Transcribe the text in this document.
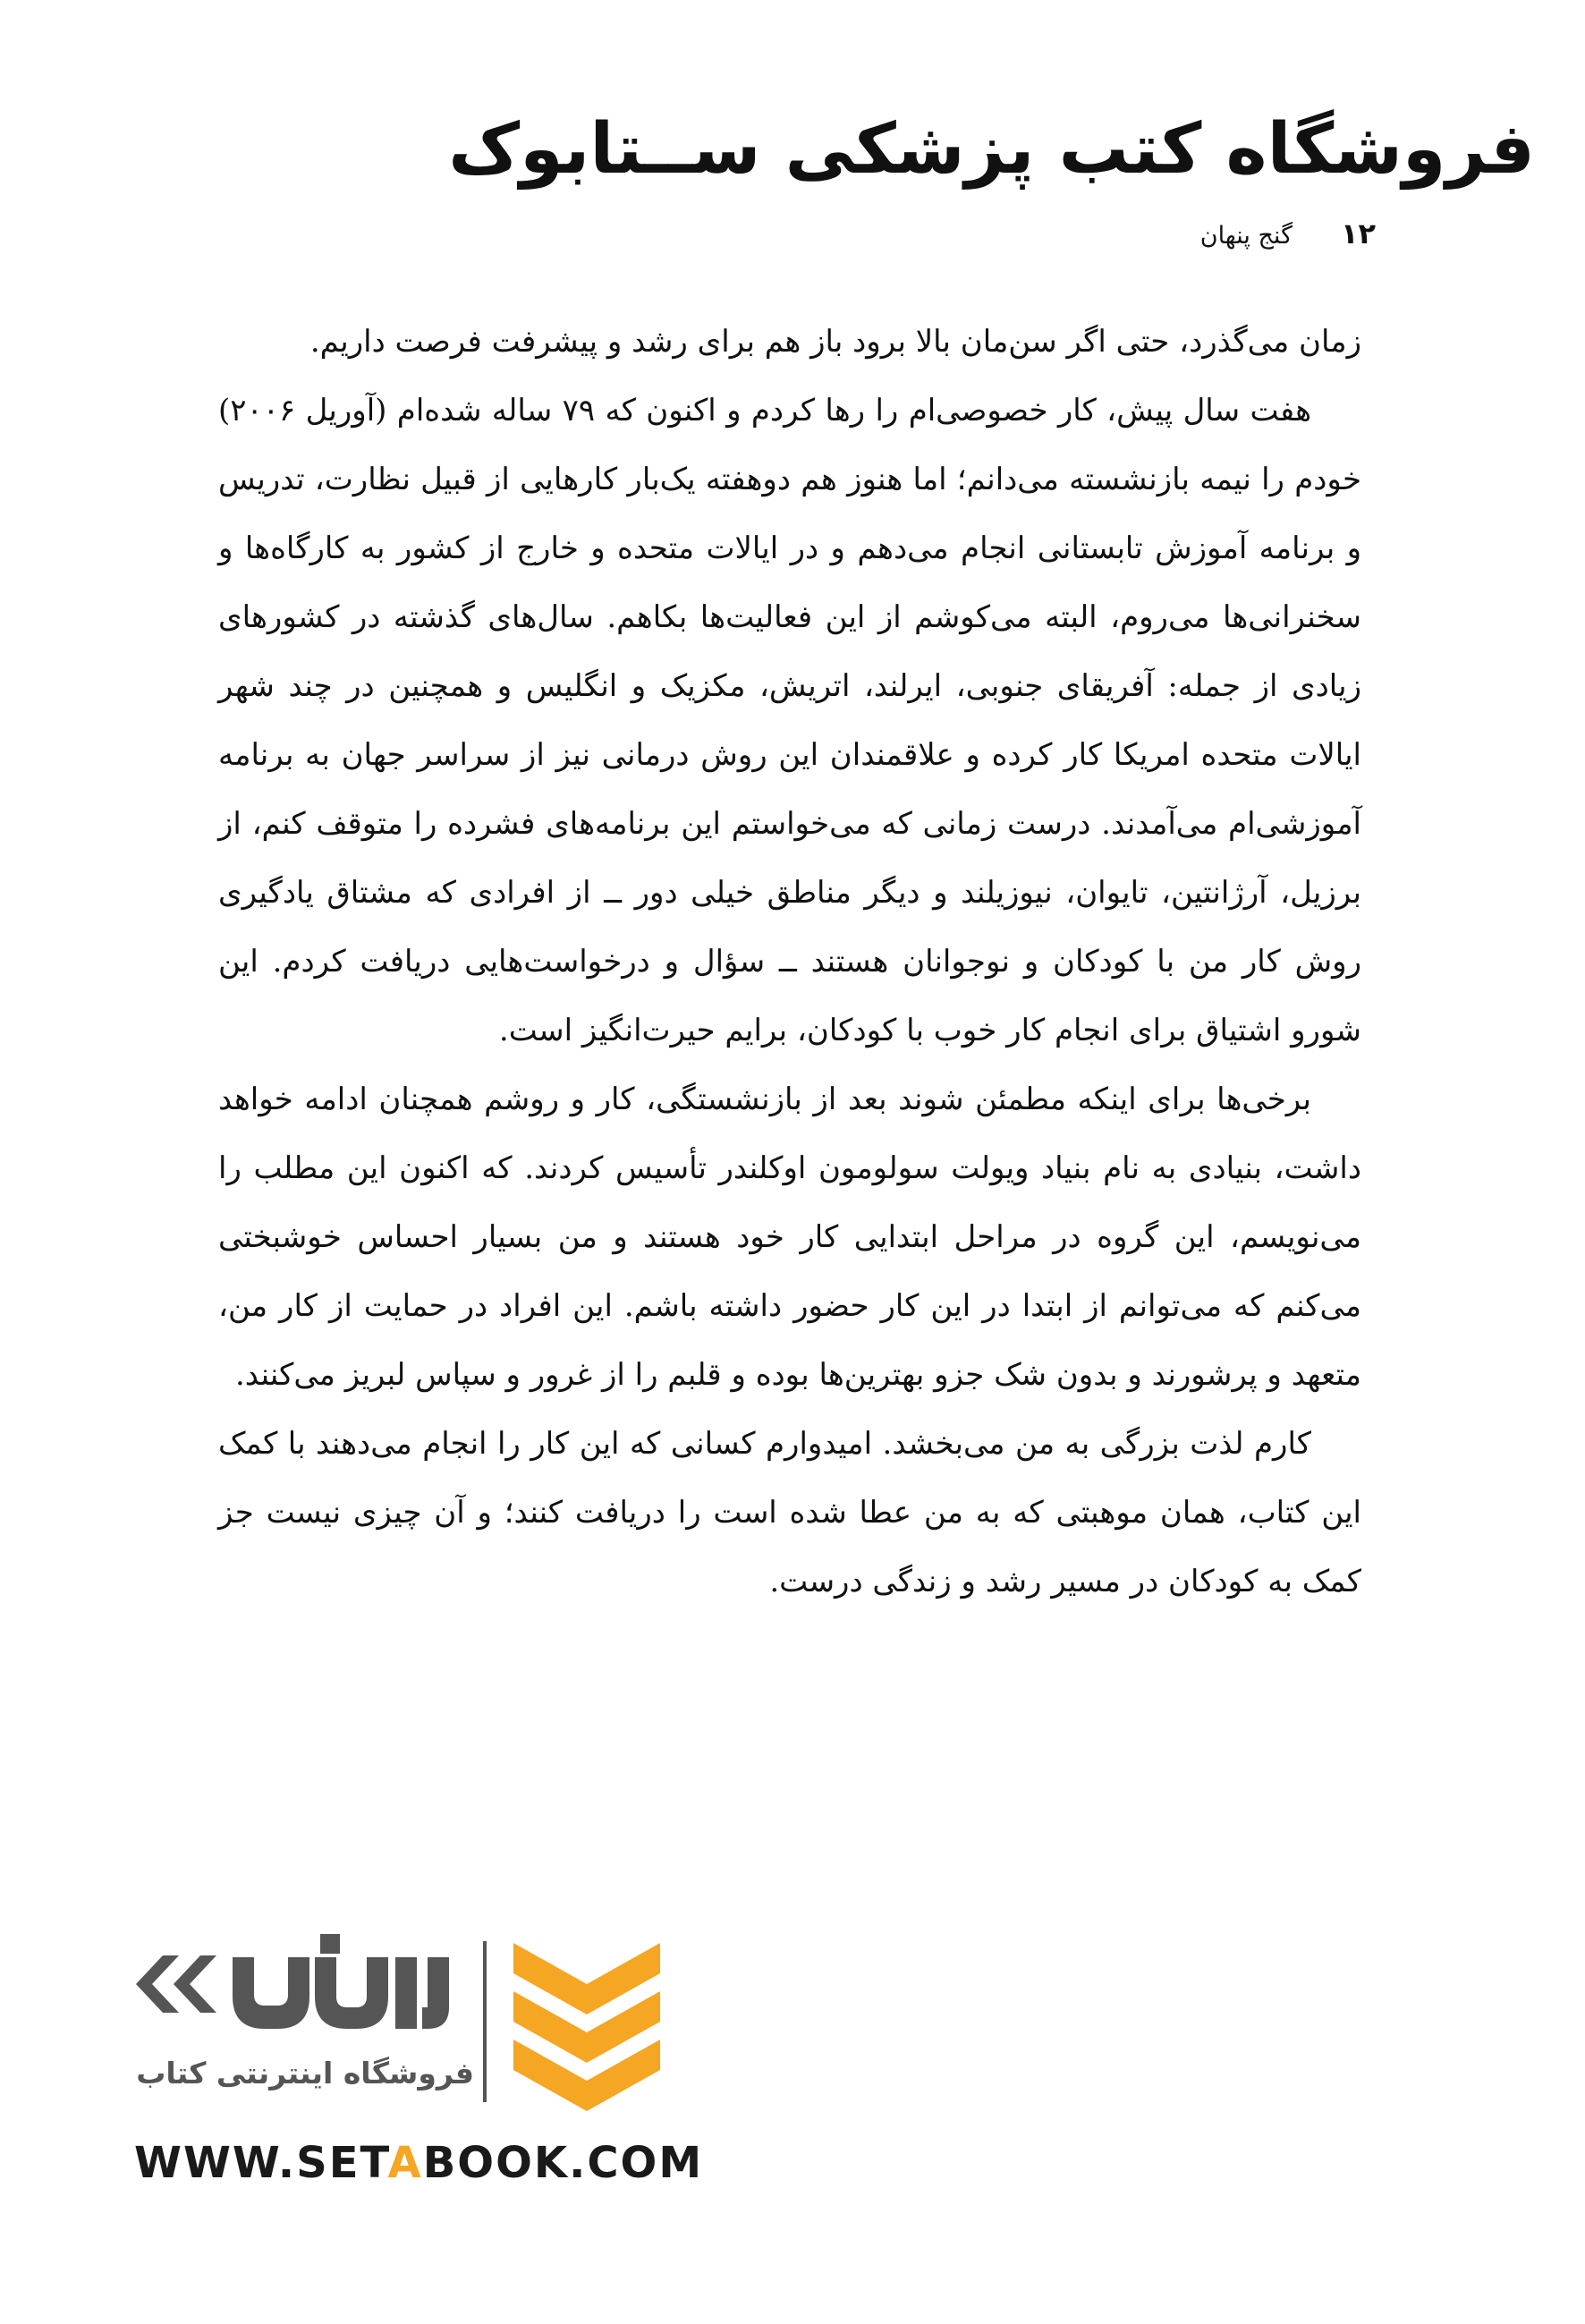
فروشگاه کتب پزشکی ســتابوک
۱۲
گنج پنهان

زمان می‌گذرد، حتی اگر سن‌مان بالا برود باز هم برای رشد و پیشرفت فرصت داریم.

هفت سال پیش، کار خصوصی‌ام را رها کردم و اکنون که ۷۹ ساله شده‌ام (آوریل ۲۰۰۶) خودم را نیمه بازنشسته می‌دانم؛ اما هنوز هم دوهفته یک‌بار کارهایی از قبیل نظارت، تدریس و برنامه آموزش تابستانی انجام می‌دهم و در ایالات متحده و خارج از کشور به کارگاه‌ها و سخنرانی‌ها می‌روم، البته می‌کوشم از این فعالیت‌ها بکاهم. سال‌های گذشته در کشورهای زیادی از جمله: آفریقای جنوبی، ایرلند، اتریش، مکزیک و انگلیس و همچنین در چند شهر ایالات متحده امریکا کار کرده و علاقمندان این روش درمانی نیز از سراسر جهان به برنامه آموزشی‌ام می‌آمدند. درست زمانی که می‌خواستم این برنامه‌های فشرده را متوقف کنم، از برزیل، آرژانتین، تایوان، نیوزیلند و دیگر مناطق خیلی دور ــ از افرادی که مشتاق یادگیری روش کار من با کودکان و نوجوانان هستند ــ سؤال و درخواست‌هایی دریافت کردم. این شورو اشتیاق برای انجام کار خوب با کودکان، برایم حیرت‌انگیز است.

برخی‌ها برای اینکه مطمئن شوند بعد از بازنشستگی، کار و روشم همچنان ادامه خواهد داشت، بنیادی به نام بنیاد ویولت سولومون اوکلندر تأسیس کردند. که اکنون این مطلب را می‌نویسم، این گروه در مراحل ابتدایی کار خود هستند و من بسیار احساس خوشبختی می‌کنم که می‌توانم از ابتدا در این کار حضور داشته باشم. این افراد در حمایت از کار من، متعهد و پرشورند و بدون شک جزو بهترین‌ها بوده و قلبم را از غرور و سپاس لبریز می‌کنند.

کارم لذت بزرگی به من می‌بخشد. امیدوارم کسانی که این کار را انجام می‌دهند با کمک این کتاب، همان موهبتی که به من عطا شده است را دریافت کنند؛ و آن چیزی نیست جز کمک به کودکان در مسیر رشد و زندگی درست.

فروشگاه اینترنتی کتاب
WWW.SETABOOK.COM
